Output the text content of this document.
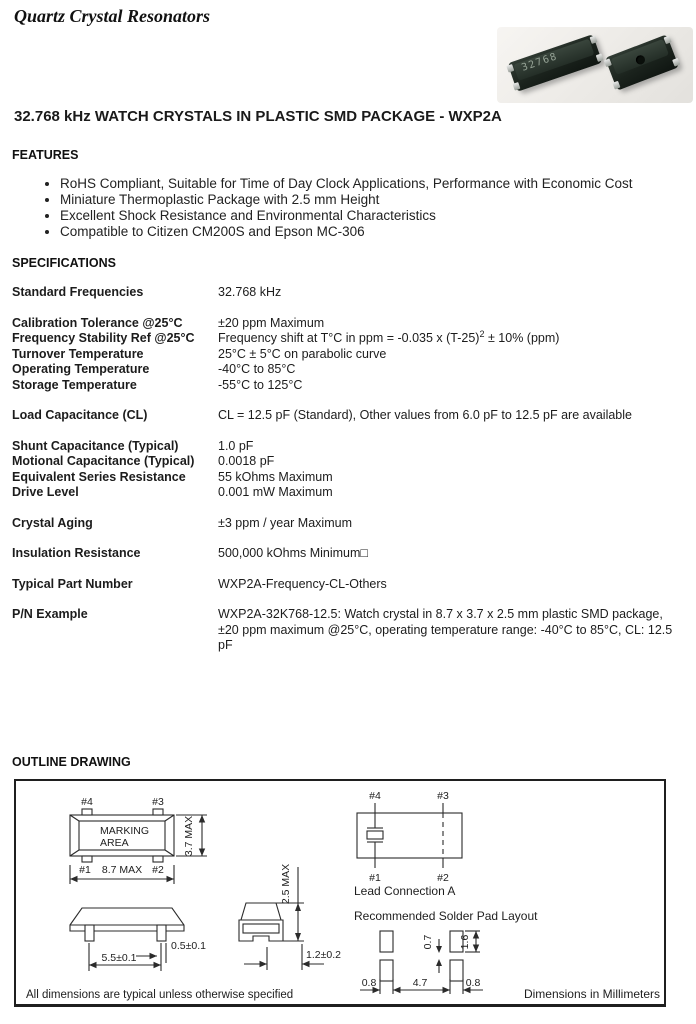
Quartz Crystal Resonators
32768
32.768 kHz WATCH CRYSTALS IN PLASTIC SMD PACKAGE - WXP2A
FEATURES
• RoHS Compliant, Suitable for Time of Day Clock Applications, Performance with Economic Cost
• Miniature Thermoplastic Package with 2.5 mm Height
• Excellent Shock Resistance and Environmental Characteristics
• Compatible to Citizen CM200S and Epson MC-306
SPECIFICATIONS
Standard Frequencies	32.768 kHz
Calibration Tolerance @25°C	±20 ppm Maximum
Frequency Stability Ref @25°C	Frequency shift at T°C in ppm = -0.035 x $(T-25)^2 \pm 10\%$ (ppm)
Turnover Temperature	25°C ± 5°C on parabolic curve
Operating Temperature	-40°C to 85°C
Storage Temperature	-55°C to 125°C
Load Capacitance (CL)	CL = 12.5 pF (Standard), Other values from 6.0 pF to 12.5 pF are available
Shunt Capacitance (Typical)	1.0 pF
Motional Capacitance (Typical)	0.0018 pF
Equivalent Series Resistance	55 kOhms Maximum
Drive Level	0.001 mW Maximum
Crystal Aging	±3 ppm / year Maximum
Insulation Resistance	500,000 kOhms Minimum□
Typical Part Number	WXP2A-Frequency-CL-Others
P/N Example	WXP2A-32K768-12.5: Watch crystal in 8.7 x 3.7 x 2.5 mm plastic SMD package,
±20 ppm maximum @25°C, operating temperature range: -40°C to 85°C, CL: 12.5 pF
OUTLINE DRAWING
#4	#3
#1	#2
MARKING
AREA
8.7 MAX
3.7 MAX
5.5±0.1
0.5±0.1
2.5 MAX
1.2±0.2
#4	#3
#1	#2
Lead Connection A
Recommended Solder Pad Layout
0.7 1.6
0.8	4.7	0.8
All dimensions are typical unless otherwise specified	Dimensions in Millimeters
